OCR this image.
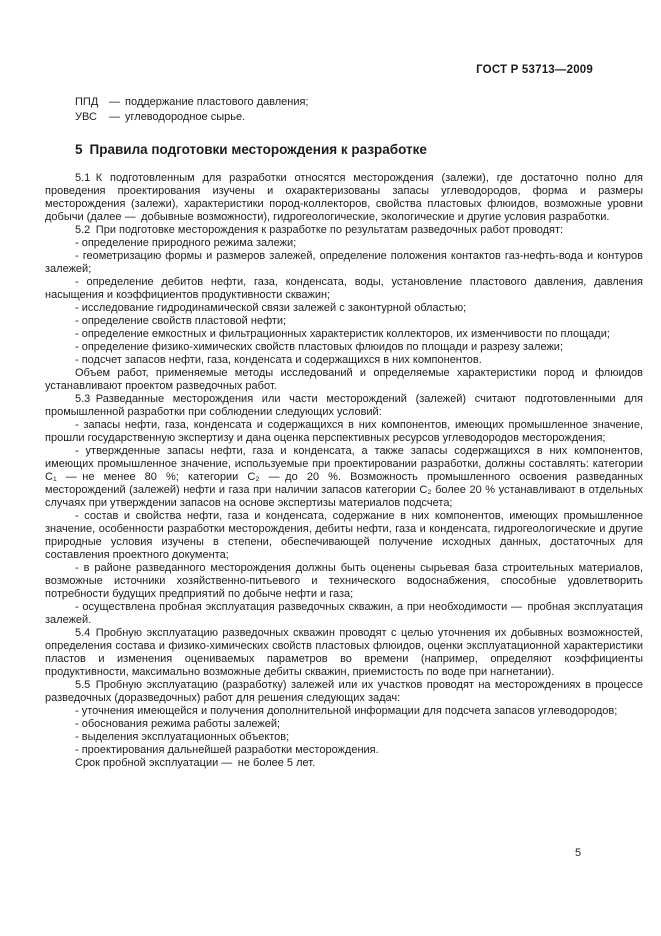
ГОСТ Р 53713—2009
ППД — поддержание пластового давления;
УВС	— углеводородное сырье.
5 Правила подготовки месторождения к разработке

5.1 К подготовленным для разработки относятся месторождения (залежи), где достаточно полно для проведения проектирования изучены и охарактеризованы запасы углеводородов, форма и размеры месторождения (залежи), характеристики пород-коллекторов, свойства пластовых флюидов, возможные уровни добычи (далее — добывные возможности), гидрогеологические, экологические и другие условия разработки.

5.2 При подготовке месторождения к разработке по результатам разведочных работ проводят:

- определение природного режима залежи;

- геометризацию формы и размеров залежей, определение положения контактов газ-нефть-вода и контуров залежей;

- определение дебитов нефти, газа, конденсата, воды, установление пластового давления, давления насыщения и коэффициентов продуктивности скважин;

- исследование гидродинамической связи залежей с законтурной областью;

- определение свойств пластовой нефти;

- определение емкостных и фильтрационных характеристик коллекторов, их изменчивости по площади;

- определение физико-химических свойств пластовых флюидов по площади и разрезу залежи;

- подсчет запасов нефти, газа, конденсата и содержащихся в них компонентов.

Объем работ, применяемые методы исследований и определяемые характеристики пород и флюидов устанавливают проектом разведочных работ.

5.3 Разведанные месторождения или части месторождений (залежей) считают подготовленными для промышленной разработки при соблюдении следующих условий:

- запасы нефти, газа, конденсата и содержащихся в них компонентов, имеющих промышленное значение, прошли государственную экспертизу и дана оценка перспективных ресурсов углеводородов месторождения;

- утвержденные запасы нефти, газа и конденсата, а также запасы содержащихся в них компонентов, имеющих промышленное значение, используемые при проектировании разработки, должны составлять: категории С₁ — не менее 80 %; категории С₂ — до 20 %. Возможность промышленного освоения разведанных месторождений (залежей) нефти и газа при наличии запасов категории С₂ более 20 % устанавливают в отдельных случаях при утверждении запасов на основе экспертизы материалов подсчета;

- состав и свойства нефти, газа и конденсата, содержание в них компонентов, имеющих промышленное значение, особенности разработки месторождения, дебиты нефти, газа и конденсата, гидрогеологические и другие природные условия изучены в степени, обеспечивающей получение исходных данных, достаточных для составления проектного документа;

- в районе разведанного месторождения должны быть оценены сырьевая база строительных материалов, возможные источники хозяйственно-питьевого и технического водоснабжения, способные удовлетворить потребности будущих предприятий по добыче нефти и газа;

- осуществлена пробная эксплуатация разведочных скважин, а при необходимости — пробная эксплуатация залежей.

5.4 Пробную эксплуатацию разведочных скважин проводят с целью уточнения их добывных возможностей, определения состава и физико-химических свойств пластовых флюидов, оценки эксплуатационной характеристики пластов и изменения оцениваемых параметров во времени (например, определяют коэффициенты продуктивности, максимально возможные дебиты скважин, приемистость по воде при нагнетании).

5.5 Пробную эксплуатацию (разработку) залежей или их участков проводят на месторождениях в процессе разведочных (доразведочных) работ для решения следующих задач:

- уточнения имеющейся и получения дополнительной информации для подсчета запасов углеводородов;

- обоснования режима работы залежей;

- выделения эксплуатационных объектов;

- проектирования дальнейшей разработки месторождения.

Срок пробной эксплуатации — не более 5 лет.

5
